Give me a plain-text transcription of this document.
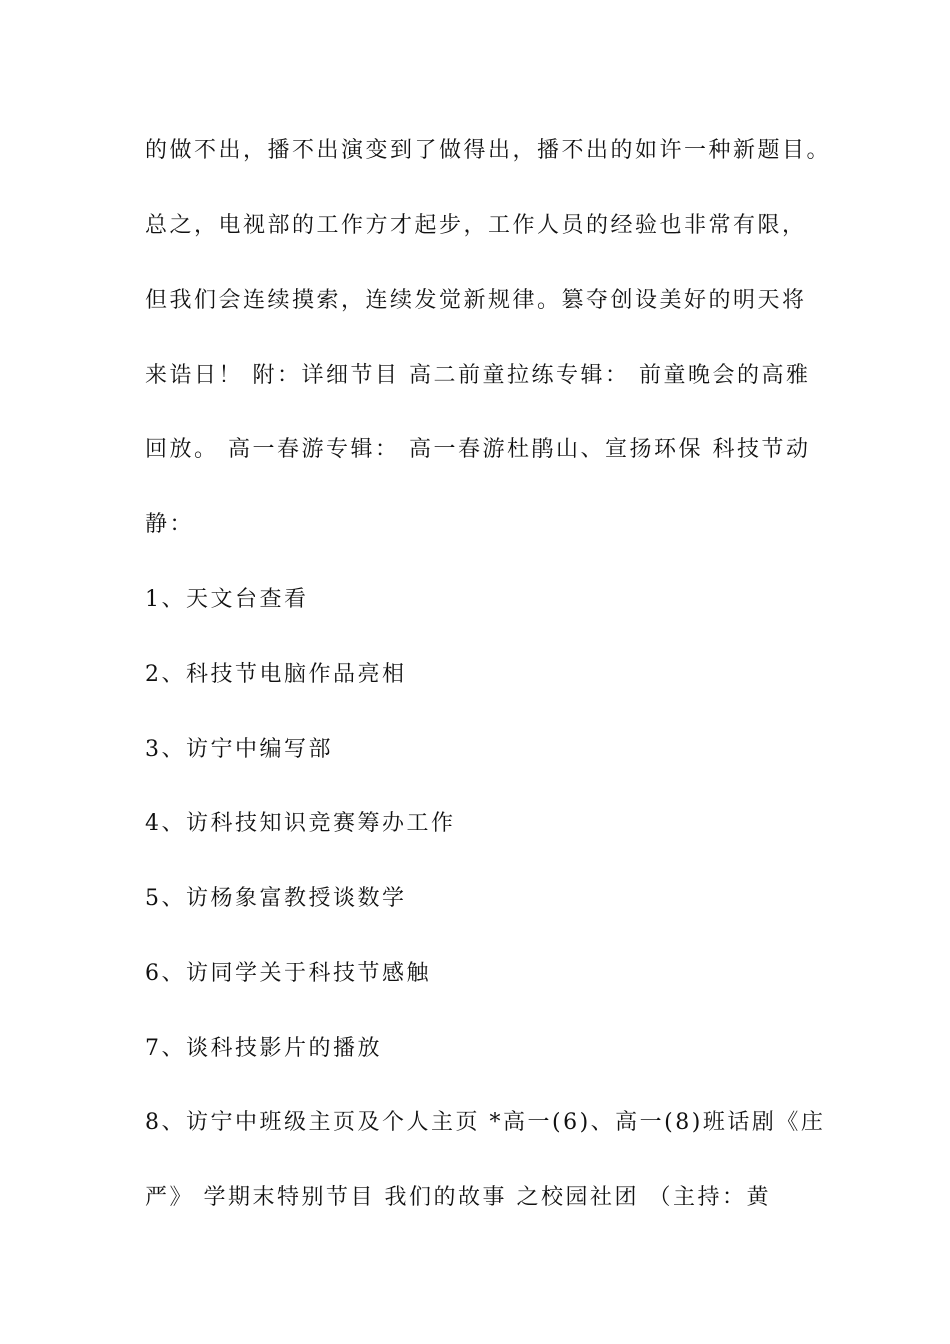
的做不出，播不出演变到了做得出，播不出的如许一种新题目。
总之，电视部的工作方才起步，工作人员的经验也非常有限，
但我们会连续摸索，连续发觉新规律。篡夺创设美好的明天将
来诰日！ 附：详细节目 高二前童拉练专辑： 前童晚会的高雅
回放。 高一春游专辑： 高一春游杜鹃山、宣扬环保 科技节动
静：
1、天文台查看
2、科技节电脑作品亮相
3、访宁中编写部
4、访科技知识竞赛筹办工作
5、访杨象富教授谈数学
6、访同学关于科技节感触
7、谈科技影片的播放
8、访宁中班级主页及个人主页 *高一(6)、高一(8)班话剧《庄
严》 学期末特别节目 我们的故事 之校园社团 （主持：黄
